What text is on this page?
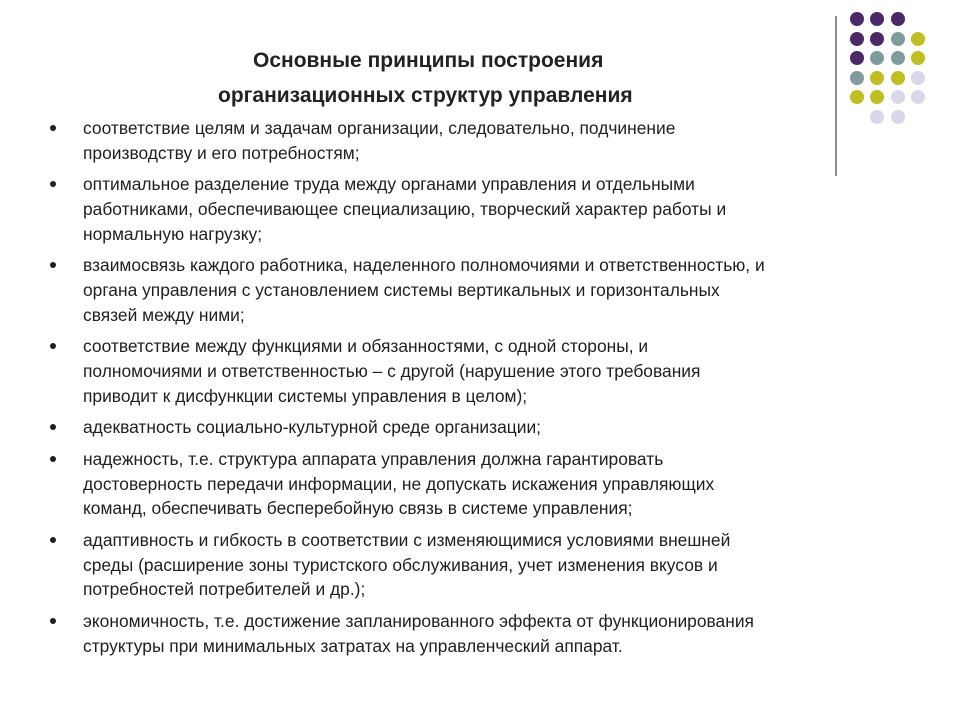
Основные принципы построения
организационных структур управления
соответствие целям и задачам организации, следовательно, подчинение
производству и его потребностям;
оптимальное разделение труда между органами управления и отдельными
работниками, обеспечивающее специализацию, творческий характер работы и
нормальную нагрузку;
взаимосвязь каждого работника, наделенного полномочиями и ответственностью, и
органа управления с установлением системы вертикальных и горизонтальных
связей между ними;
соответствие между функциями и обязанностями, с одной стороны, и
полномочиями и ответственностью – с другой (нарушение этого требования
приводит к дисфункции системы управления в целом);
адекватность социально-культурной среде организации;
надежность, т.е. структура аппарата управления должна гарантировать
достоверность передачи информации, не допускать искажения управляющих
команд, обеспечивать бесперебойную связь в системе управления;
адаптивность и гибкость в соответствии с изменяющимися условиями внешней
среды (расширение зоны туристского обслуживания, учет изменения вкусов и
потребностей потребителей и др.);
экономичность, т.е. достижение запланированного эффекта от функционирования
структуры при минимальных затратах на управленческий аппарат.
